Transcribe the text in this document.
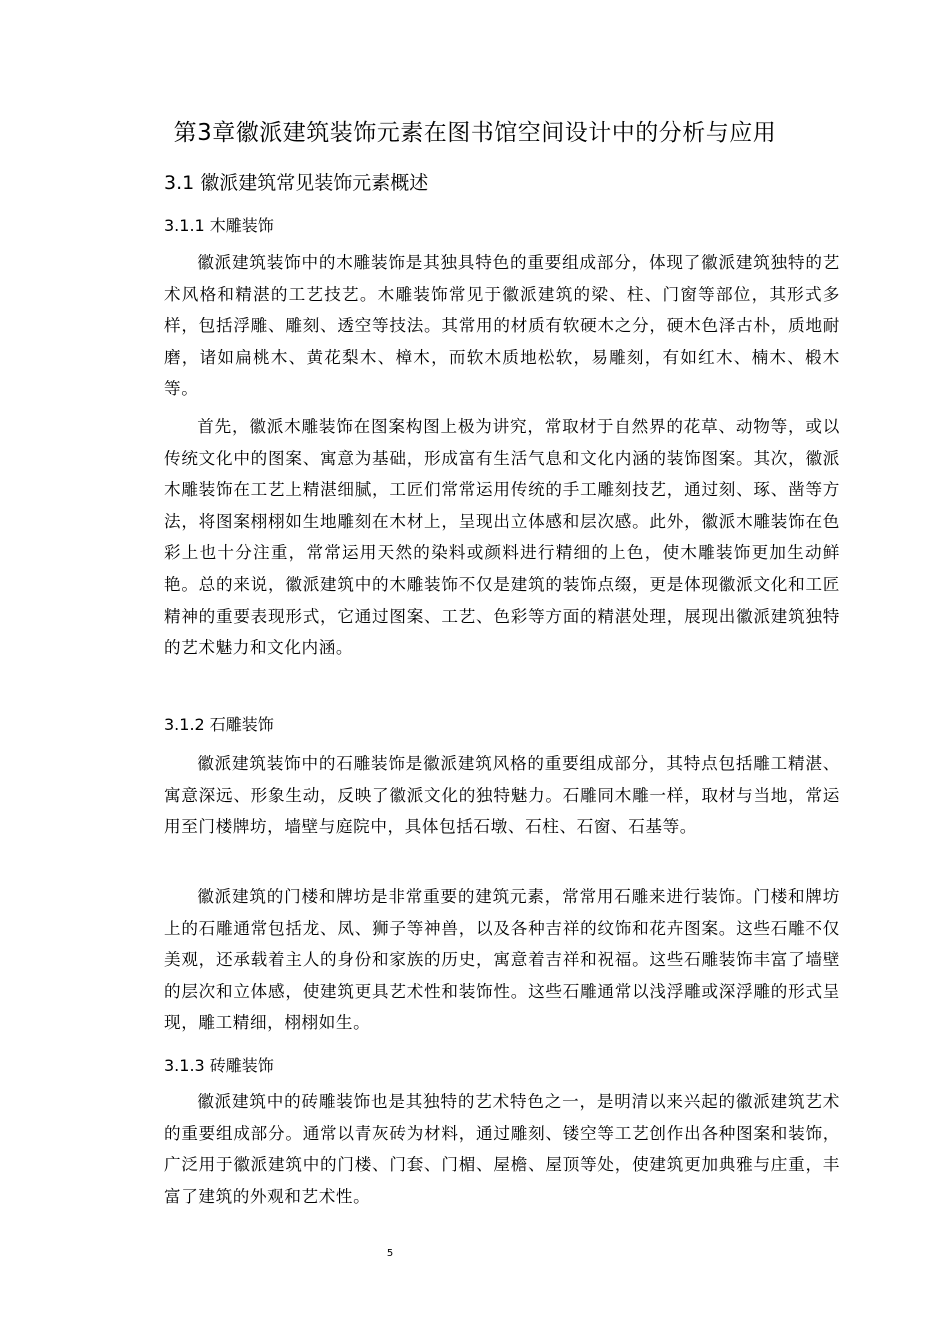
第3章徽派建筑装饰元素在图书馆空间设计中的分析与应用
3.1 徽派建筑常见装饰元素概述
3.1.1 木雕装饰

徽派建筑装饰中的木雕装饰是其独具特色的重要组成部分，体现了徽派建筑独特的艺术风格和精湛的工艺技艺。木雕装饰常见于徽派建筑的梁、柱、门窗等部位，其形式多样，包括浮雕、雕刻、透空等技法。其常用的材质有软硬木之分，硬木色泽古朴，质地耐磨，诸如扁桃木、黄花梨木、樟木，而软木质地松软，易雕刻，有如红木、楠木、椴木等。

首先，徽派木雕装饰在图案构图上极为讲究，常取材于自然界的花草、动物等，或以传统文化中的图案、寓意为基础，形成富有生活气息和文化内涵的装饰图案。其次，徽派木雕装饰在工艺上精湛细腻，工匠们常常运用传统的手工雕刻技艺，通过刻、琢、凿等方法，将图案栩栩如生地雕刻在木材上，呈现出立体感和层次感。此外，徽派木雕装饰在色彩上也十分注重，常常运用天然的染料或颜料进行精细的上色，使木雕装饰更加生动鲜艳。总的来说，徽派建筑中的木雕装饰不仅是建筑的装饰点缀，更是体现徽派文化和工匠精神的重要表现形式，它通过图案、工艺、色彩等方面的精湛处理，展现出徽派建筑独特的艺术魅力和文化内涵。

3.1.2 石雕装饰

徽派建筑装饰中的石雕装饰是徽派建筑风格的重要组成部分，其特点包括雕工精湛、寓意深远、形象生动，反映了徽派文化的独特魅力。石雕同木雕一样，取材与当地，常运用至门楼牌坊，墙壁与庭院中，具体包括石墩、石柱、石窗、石基等。

徽派建筑的门楼和牌坊是非常重要的建筑元素，常常用石雕来进行装饰。门楼和牌坊上的石雕通常包括龙、凤、狮子等神兽，以及各种吉祥的纹饰和花卉图案。这些石雕不仅美观，还承载着主人的身份和家族的历史，寓意着吉祥和祝福。这些石雕装饰丰富了墙壁的层次和立体感，使建筑更具艺术性和装饰性。这些石雕通常以浅浮雕或深浮雕的形式呈现，雕工精细，栩栩如生。

3.1.3 砖雕装饰

徽派建筑中的砖雕装饰也是其独特的艺术特色之一，是明清以来兴起的徽派建筑艺术的重要组成部分。通常以青灰砖为材料，通过雕刻、镂空等工艺创作出各种图案和装饰，广泛用于徽派建筑中的门楼、门套、门楣、屋檐、屋顶等处，使建筑更加典雅与庄重，丰富了建筑的外观和艺术性。

5
